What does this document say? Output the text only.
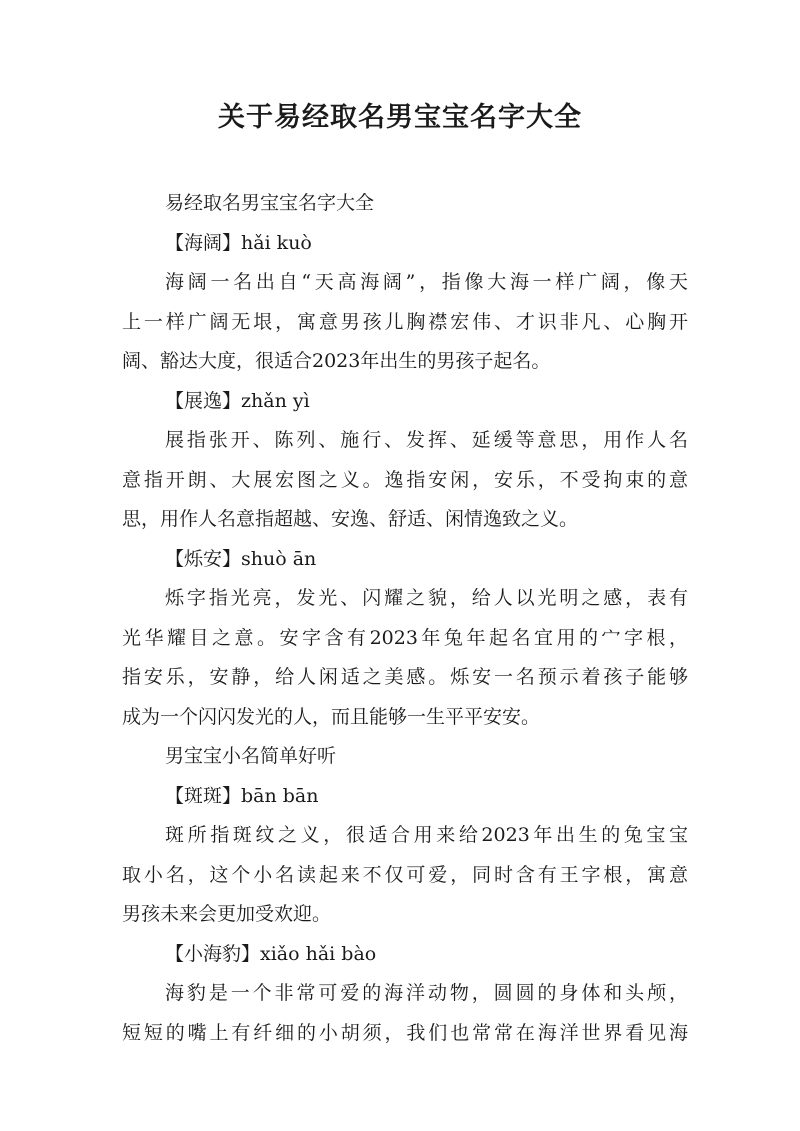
关于易经取名男宝宝名字大全
易经取名男宝宝名字大全
【海阔】hǎi kuò
海阔一名出自“天高海阔”，指像大海一样广阔，像天
上一样广阔无垠，寓意男孩儿胸襟宏伟、才识非凡、心胸开
阔、豁达大度，很适合2023年出生的男孩子起名。
【展逸】zhǎn yì
展指张开、陈列、施行、发挥、延缓等意思，用作人名
意指开朗、大展宏图之义。逸指安闲，安乐，不受拘束的意
思，用作人名意指超越、安逸、舒适、闲情逸致之义。
【烁安】shuò ān
烁字指光亮，发光、闪耀之貌，给人以光明之感，表有
光华耀目之意。安字含有2023年兔年起名宜用的宀字根，
指安乐，安静，给人闲适之美感。烁安一名预示着孩子能够
成为一个闪闪发光的人，而且能够一生平平安安。
男宝宝小名简单好听
【斑斑】bān bān
斑所指斑纹之义，很适合用来给2023年出生的兔宝宝
取小名，这个小名读起来不仅可爱，同时含有王字根，寓意
男孩未来会更加受欢迎。
【小海豹】xiǎo hǎi bào
海豹是一个非常可爱的海洋动物，圆圆的身体和头颅，
短短的嘴上有纤细的小胡须，我们也常常在海洋世界看见海
